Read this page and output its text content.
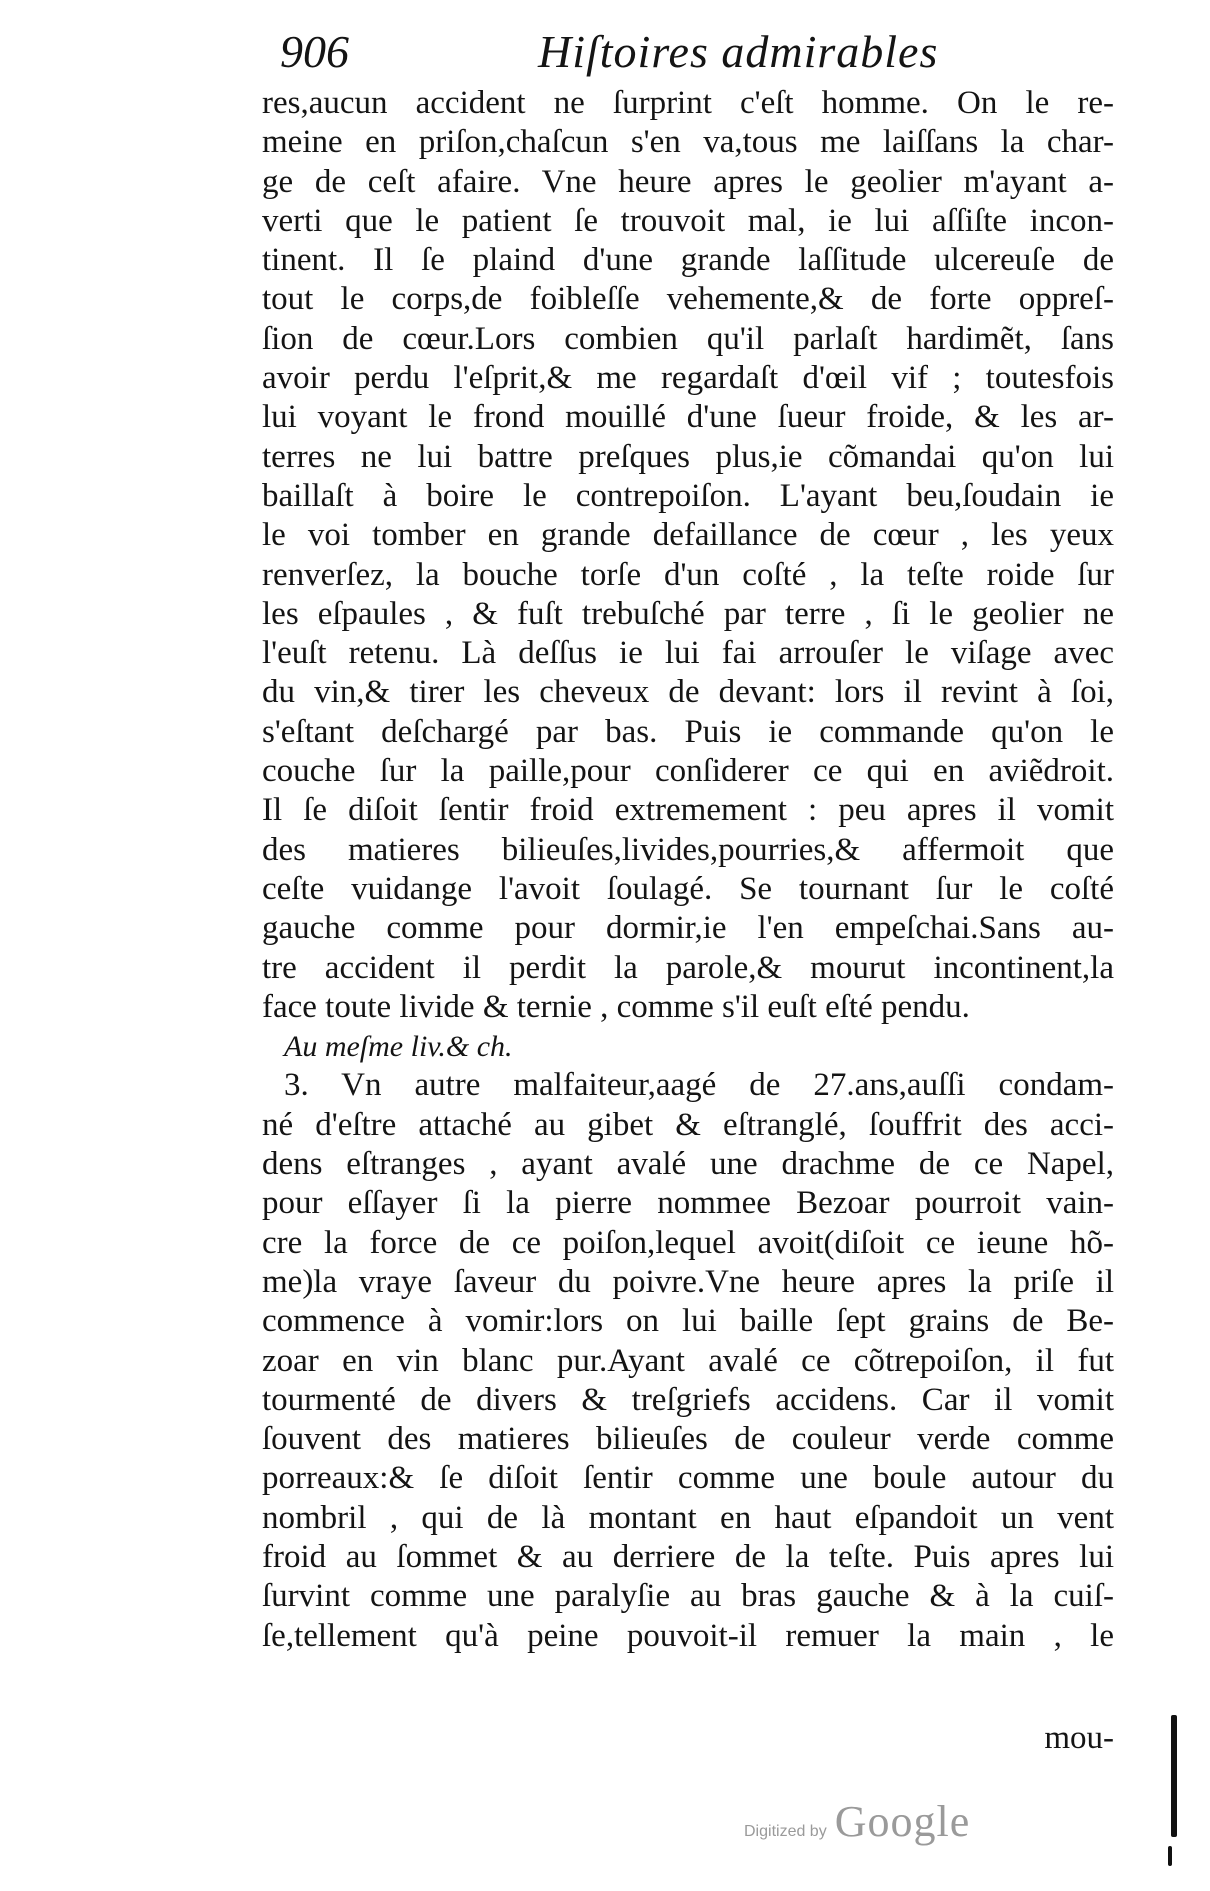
906	Hiſtoires admirables
res,aucun accident ne ſurprint c'eſt homme. On le re-
meine en priſon,chaſcun s'en va,tous me laiſſans la char-
ge de ceſt afaire. Vne heure apres le geolier m'ayant a-
verti que le patient ſe trouvoit mal, ie lui aſſiſte incon-
tinent. Il ſe plaind d'une grande laſſitude ulcereuſe de
tout le corps,de foibleſſe vehemente,& de forte oppreſ-
ſion de cœur.Lors combien qu'il parlaſt hardimẽt, ſans
avoir perdu l'eſprit,& me regardaſt d'œil vif ; toutesfois
lui voyant le frond mouillé d'une ſueur froide, & les ar-
terres ne lui battre preſques plus,ie cõmandai qu'on lui
baillaſt à boire le contrepoiſon. L'ayant beu,ſoudain ie
le voi tomber en grande defaillance de cœur , les yeux
renverſez, la bouche torſe d'un coſté , la teſte roide ſur
les eſpaules , & fuſt trebuſché par terre , ſi le geolier ne
l'euſt retenu. Là deſſus ie lui fai arrouſer le viſage avec
du vin,& tirer les cheveux de devant: lors il revint à ſoi,
s'eſtant deſchargé par bas. Puis ie commande qu'on le
couche ſur la paille,pour conſiderer ce qui en aviẽdroit.
Il ſe diſoit ſentir froid extremement : peu apres il vomit
des matieres bilieuſes,livides,pourries,& affermoit que
ceſte vuidange l'avoit ſoulagé. Se tournant ſur le coſté
gauche comme pour dormir,ie l'en empeſchai.Sans au-
tre accident il perdit la parole,& mourut incontinent,la
face toute livide & ternie , comme s'il euſt eſté pendu.
Au meſme liv.& ch.
3. Vn autre malfaiteur,aagé de 27.ans,auſſi condam-
né d'eſtre attaché au gibet & eſtranglé, ſouffrit des acci-
dens eſtranges , ayant avalé une drachme de ce Napel,
pour eſſayer ſi la pierre nommee Bezoar pourroit vain-
cre la force de ce poiſon,lequel avoit(diſoit ce ieune hõ-
me)la vraye ſaveur du poivre.Vne heure apres la priſe il
commence à vomir:lors on lui baille ſept grains de Be-
zoar en vin blanc pur.Ayant avalé ce cõtrepoiſon, il fut
tourmenté de divers & treſgriefs accidens. Car il vomit
ſouvent des matieres bilieuſes de couleur verde comme
porreaux:& ſe diſoit ſentir comme une boule autour du
nombril , qui de là montant en haut eſpandoit un vent
froid au ſommet & au derriere de la teſte. Puis apres lui
ſurvint comme une paralyſie au bras gauche & à la cuiſ-
ſe,tellement qu'à peine pouvoit-il remuer la main , le
mou-
Digitized by Google
